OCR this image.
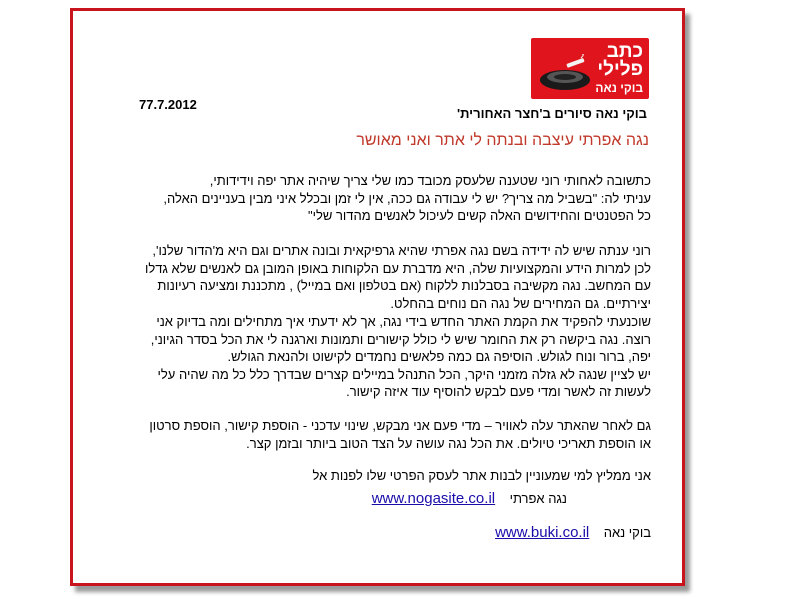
כתב
פלילי
בוקי נאה
77.7.2012
בוקי נאה סיורים ב'חצר האחורית'
נגה אפרתי עיצבה ובנתה לי אתר ואני מאושר
כתשובה לאחותי רוני שטענה שלעסק מכובד כמו שלי צריך שיהיה אתר יפה וידידותי,
עניתי לה: "בשביל מה צריך? יש לי עבודה גם ככה, אין לי זמן ובכלל איני מבין בעניינים האלה,
כל הפטנטים והחידושים האלה קשים לעיכול לאנשים מהדור שלי"
רוני ענתה שיש לה ידידה בשם נגה אפרתי שהיא גרפיקאית ובונה אתרים וגם היא מ'הדור שלנו',
לכן למרות הידע והמקצועיות שלה, היא מדברת עם הלקוחות באופן המובן גם לאנשים שלא גדלו
עם המחשב. נגה מקשיבה בסבלנות ללקוח (אם בטלפון ואם במייל) , מתכננת ומציעה רעיונות
יצירתיים. גם המחירים של נגה הם נוחים בהחלט.
שוכנעתי להפקיד את הקמת האתר החדש בידי נגה, אך לא ידעתי איך מתחילים ומה בדיוק אני
רוצה. נגה ביקשה רק את החומר שיש לי כולל קישורים ותמונות וארגנה לי את הכל בסדר הגיוני,
יפה, ברור ונוח לגולש. הוסיפה גם כמה פלאשים נחמדים לקישוט ולהנאת הגולש.
יש לציין שנגה לא גזלה מזמני היקר, הכל התנהל במיילים קצרים שבדרך כלל כל מה שהיה עלי
לעשות זה לאשר ומדי פעם לבקש להוסיף עוד איזה קישור.
גם לאחר שהאתר עלה לאוויר – מדי פעם אני מבקש, שינוי עדכני - הוספת קישור, הוספת סרטון
או הוספת תאריכי טיולים. את הכל נגה עושה על הצד הטוב ביותר ובזמן קצר.
אני ממליץ למי שמעוניין לבנות אתר לעסק הפרטי שלו לפנות אל
נגה אפרתי    www.nogasite.co.il
בוקי נאה    www.buki.co.il
